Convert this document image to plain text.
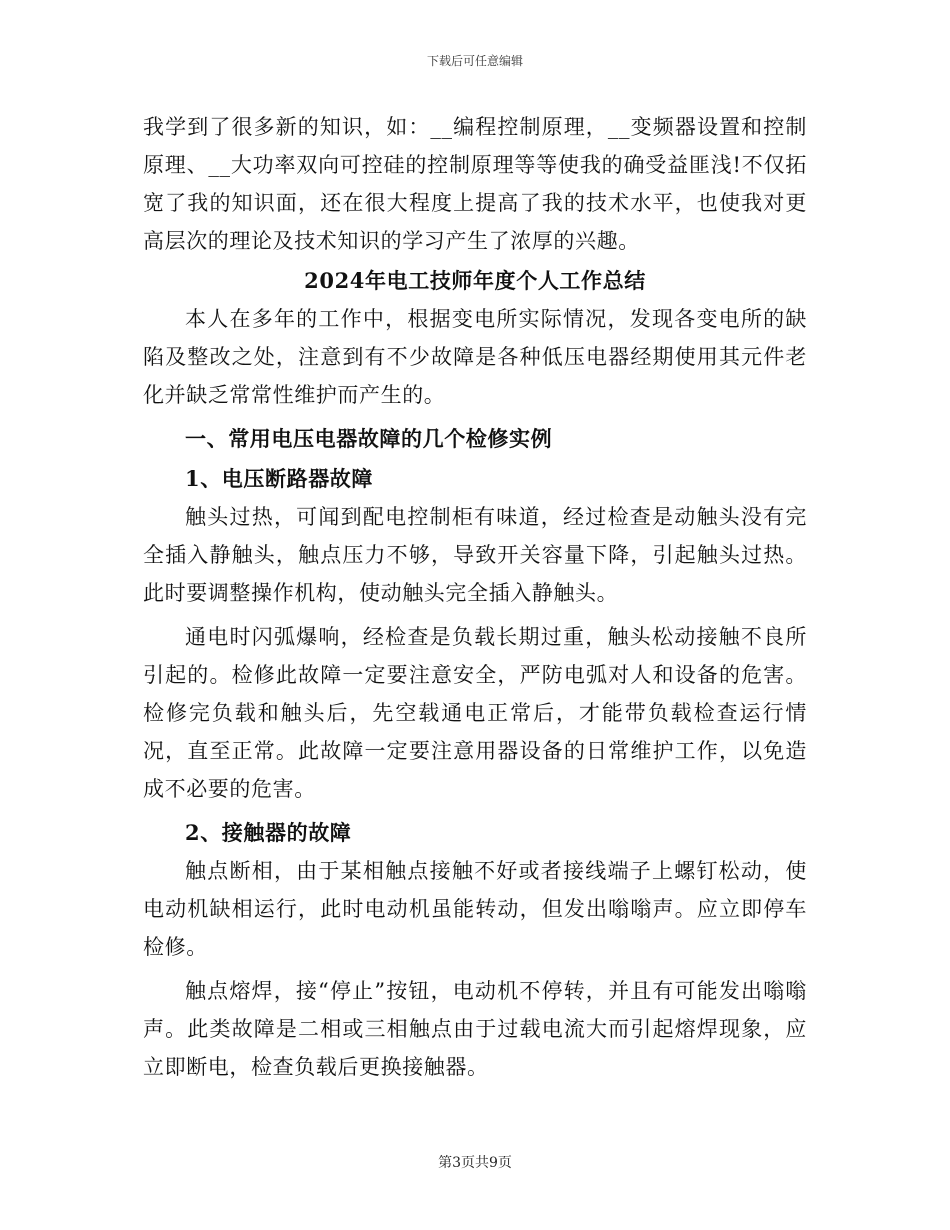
下载后可任意编辑

我学到了很多新的知识，如：__编程控制原理，__变频器设置和控制原理、__大功率双向可控硅的控制原理等等使我的确受益匪浅!不仅拓宽了我的知识面，还在很大程度上提高了我的技术水平，也使我对更高层次的理论及技术知识的学习产生了浓厚的兴趣。

2024年电工技师年度个人工作总结

本人在多年的工作中，根据变电所实际情况，发现各变电所的缺陷及整改之处，注意到有不少故障是各种低压电器经期使用其元件老化并缺乏常常性维护而产生的。

一、常用电压电器故障的几个检修实例

1、电压断路器故障

触头过热，可闻到配电控制柜有味道，经过检查是动触头没有完全插入静触头，触点压力不够，导致开关容量下降，引起触头过热。此时要调整操作机构，使动触头完全插入静触头。

通电时闪弧爆响，经检查是负载长期过重，触头松动接触不良所引起的。检修此故障一定要注意安全，严防电弧对人和设备的危害。检修完负载和触头后，先空载通电正常后，才能带负载检查运行情况，直至正常。此故障一定要注意用器设备的日常维护工作，以免造成不必要的危害。

2、接触器的故障

触点断相，由于某相触点接触不好或者接线端子上螺钉松动，使电动机缺相运行，此时电动机虽能转动，但发出嗡嗡声。应立即停车检修。

触点熔焊，接“停止”按钮，电动机不停转，并且有可能发出嗡嗡声。此类故障是二相或三相触点由于过载电流大而引起熔焊现象，应立即断电，检查负载后更换接触器。

第3页共9页
